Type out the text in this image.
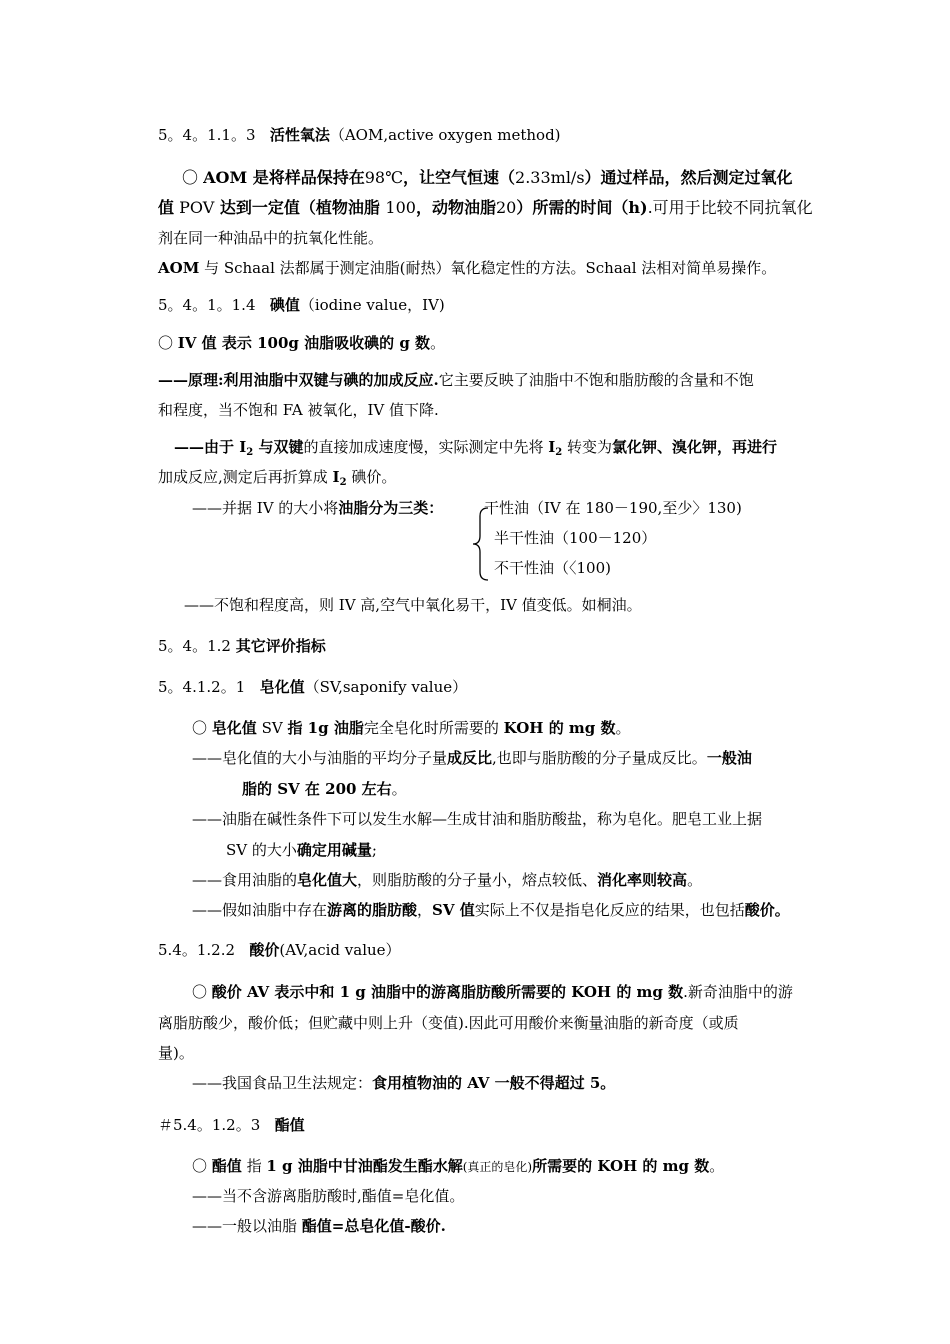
5。4。1.1。3 活性氧法（AOM,active oxygen method)
〇 AOM 是将样品保持在98℃，让空气恒速（2.33ml/s）通过样品，然后测定过氧化
值 POV 达到一定值（植物油脂 100，动物油脂20）所需的时间（h).可用于比较不同抗氧化
剂在同一种油品中的抗氧化性能。
AOM 与 Schaal 法都属于测定油脂(耐热）氧化稳定性的方法。Schaal 法相对简单易操作。
5。4。1。1.4 碘值（iodine value，IV)
〇 IV 值 表示 100g 油脂吸收碘的 g 数。
——原理:利用油脂中双键与碘的加成反应.它主要反映了油脂中不饱和脂肪酸的含量和不饱
和程度，当不饱和 FA 被氧化，IV 值下降.
——由于 $I_2$ 与双键的直接加成速度慢，实际测定中先将 $I_2$ 转变为氯化钾、溴化钾，再进行
加成反应,测定后再折算成 $I_2$ 碘价。
——并据 IV 的大小将油脂分为三类：	干性油（IV 在 180－190,至少〉130)
半干性油（100－120）
不干性油（〈100)
——不饱和程度高，则 IV 高,空气中氧化易干，IV 值变低。如桐油。
5。4。1.2 其它评价指标
5。4.1.2。1 皂化值（SV,saponify value）
〇 皂化值 SV 指 1g 油脂完全皂化时所需要的 KOH 的 mg 数。
——皂化值的大小与油脂的平均分子量成反比,也即与脂肪酸的分子量成反比。一般油
脂的 SV 在 200 左右。
——油脂在碱性条件下可以发生水解—生成甘油和脂肪酸盐，称为皂化。肥皂工业上据
SV 的大小确定用碱量;
——食用油脂的皂化值大，则脂肪酸的分子量小，熔点较低、消化率则较高。
——假如油脂中存在游离的脂肪酸，SV 值实际上不仅是指皂化反应的结果，也包括酸价。
5.4。1.2.2 酸价(AV,acid value）
〇 酸价 AV 表示中和 1 g 油脂中的游离脂肪酸所需要的 KOH 的 mg 数.新奇油脂中的游
离脂肪酸少，酸价低；但贮藏中则上升（变值).因此可用酸价来衡量油脂的新奇度（或质
量)。
——我国食品卫生法规定：食用植物油的 AV 一般不得超过 5。
＃5.4。1.2。3 酯值
〇 酯值 指 1 g 油脂中甘油酯发生酯水解(真正的皂化)所需要的 KOH 的 mg 数。
——当不含游离脂肪酸时,酯值=皂化值。
——一般以油脂 酯值=总皂化值-酸价.
